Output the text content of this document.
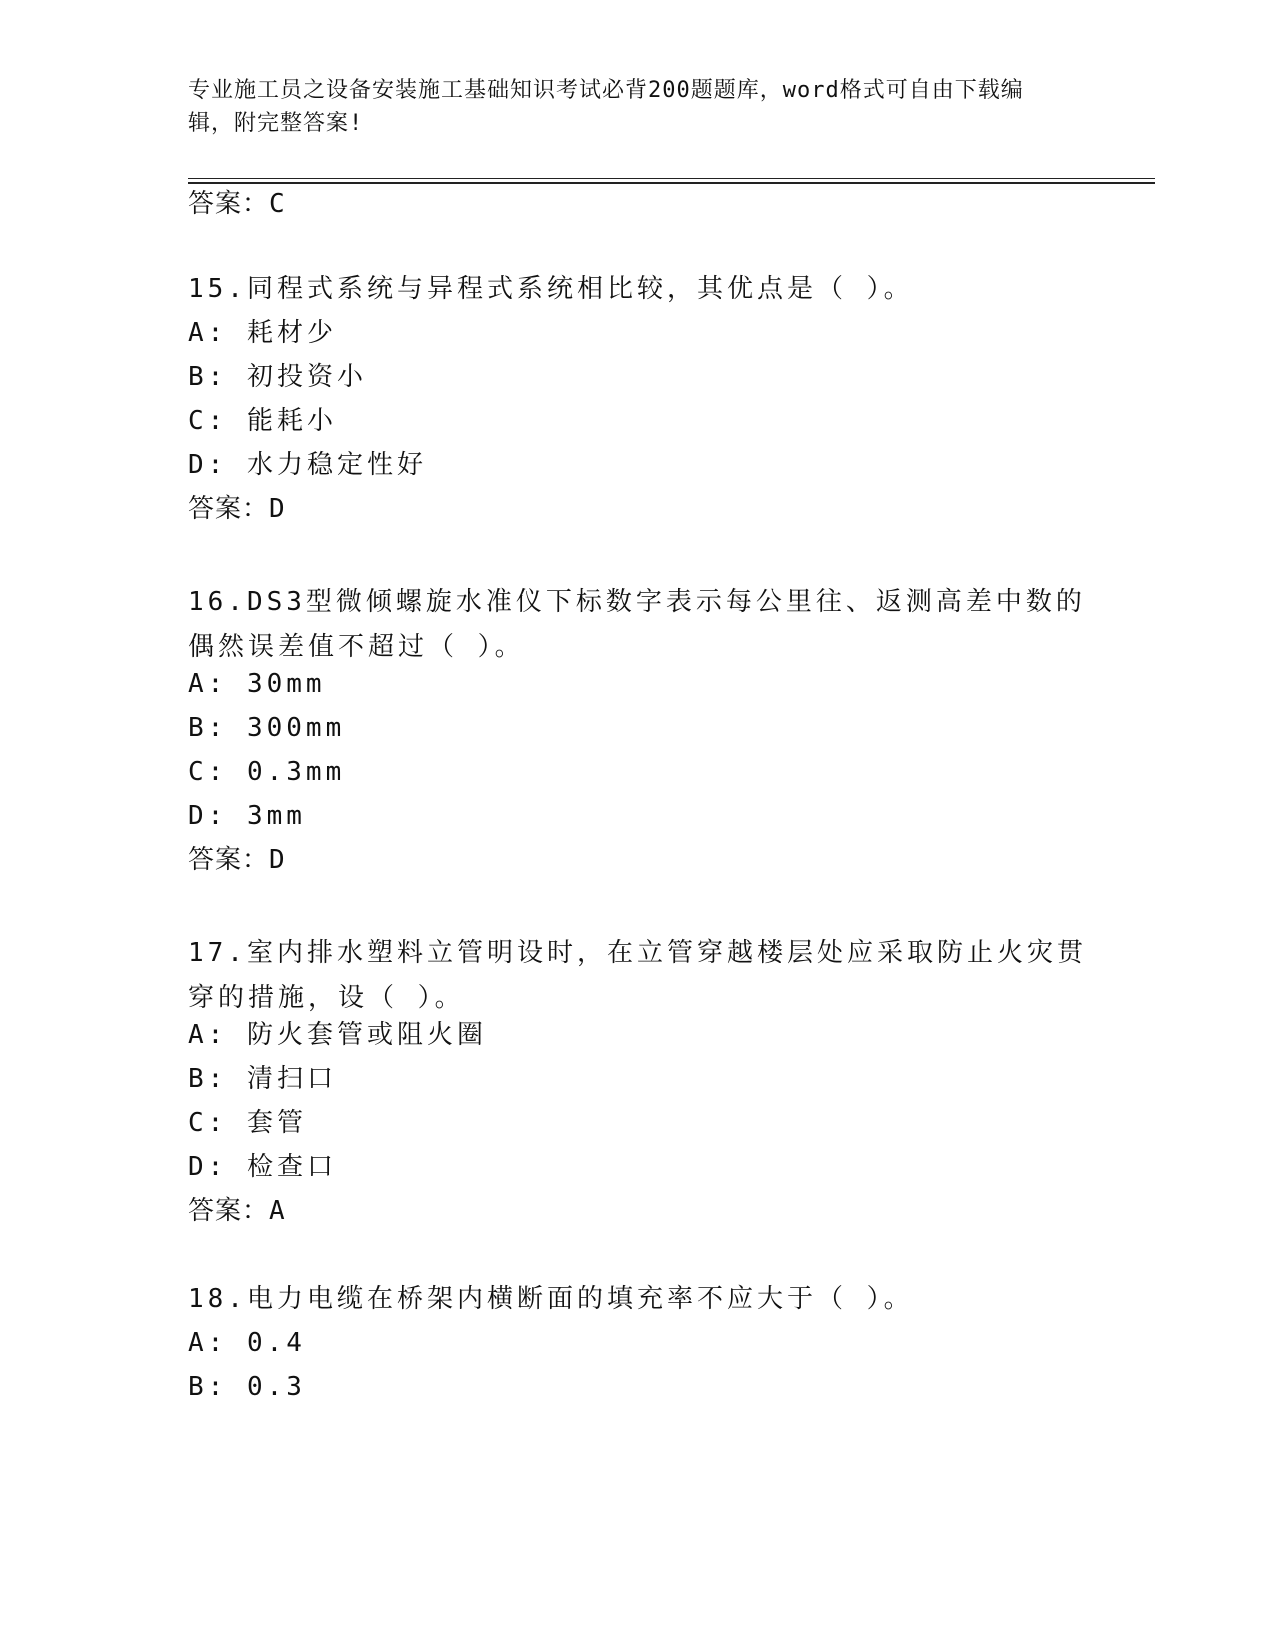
专业施工员之设备安装施工基础知识考试必背200题题库，word格式可自由下载编辑，附完整答案!
答案：C
15.同程式系统与异程式系统相比较，其优点是（ ）。
A: 耗材少
B: 初投资小
C: 能耗小
D: 水力稳定性好
答案：D
16.DS3型微倾螺旋水准仪下标数字表示每公里往、返测高差中数的偶然误差值不超过（ ）。
A: 30mm
B: 300mm
C: 0.3mm
D: 3mm
答案：D
17.室内排水塑料立管明设时，在立管穿越楼层处应采取防止火灾贯穿的措施，设（ ）。
A: 防火套管或阻火圈
B: 清扫口
C: 套管
D: 检查口
答案：A
18.电力电缆在桥架内横断面的填充率不应大于（ ）。
A: 0.4
B: 0.3
